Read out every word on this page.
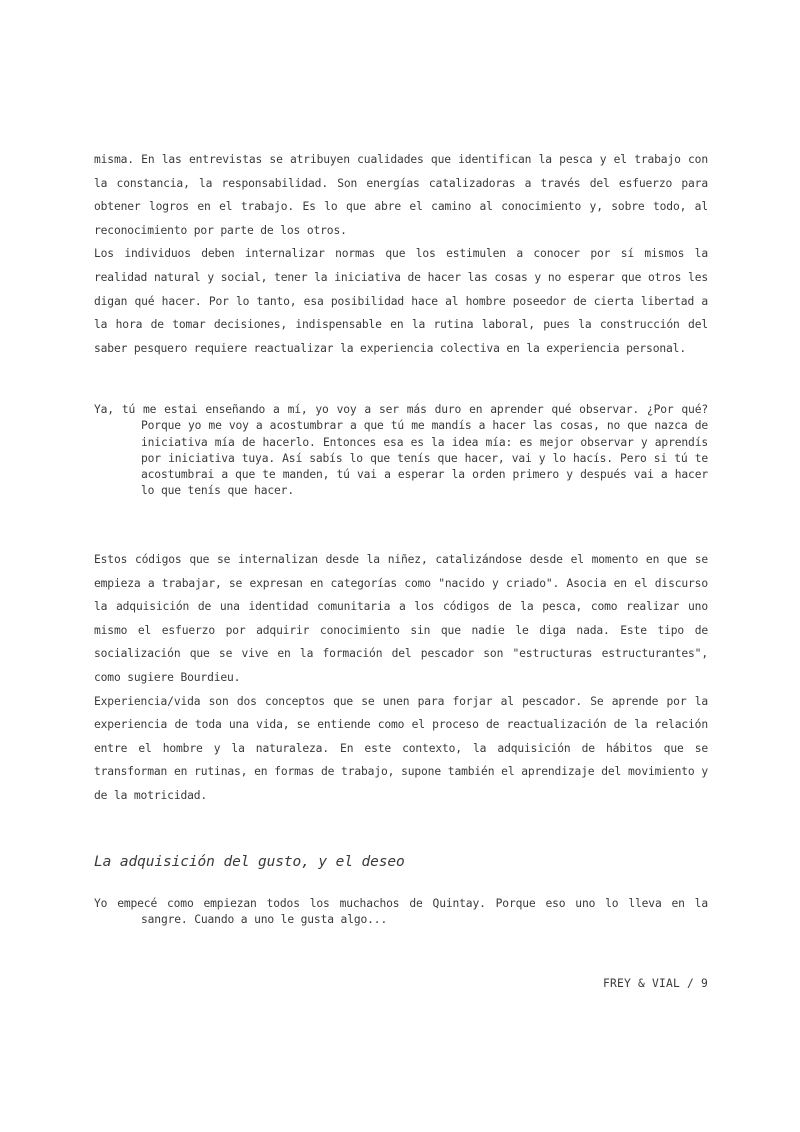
misma. En las entrevistas se atribuyen cualidades que identifican la pesca y el trabajo con la constancia, la responsabilidad. Son energías catalizadoras a través del esfuerzo para obtener logros en el trabajo. Es lo que abre el camino al conocimiento y, sobre todo, al reconocimiento por parte de los otros.

Los individuos deben internalizar normas que los estimulen a conocer por sí mismos la realidad natural y social, tener la iniciativa de hacer las cosas y no esperar que otros les digan qué hacer. Por lo tanto, esa posibilidad hace al hombre poseedor de cierta libertad a la hora de tomar decisiones, indispensable en la rutina laboral, pues la construcción del saber pesquero requiere reactualizar la experiencia colectiva en la experiencia personal.

Ya, tú me estai enseñando a mí, yo voy a ser más duro en aprender qué observar. ¿Por qué? Porque yo me voy a acostumbrar a que tú me mandís a hacer las cosas, no que nazca de iniciativa mía de hacerlo. Entonces esa es la idea mía: es mejor observar y aprendís por iniciativa tuya. Así sabís lo que tenís que hacer, vai y lo hacís. Pero si tú te acostumbrai a que te manden, tú vai a esperar la orden primero y después vai a hacer lo que tenís que hacer.

Estos códigos que se internalizan desde la niñez, catalizándose desde el momento en que se empieza a trabajar, se expresan en categorías como "nacido y criado". Asocia en el discurso la adquisición de una identidad comunitaria a los códigos de la pesca, como realizar uno mismo el esfuerzo por adquirir conocimiento sin que nadie le diga nada. Este tipo de socialización que se vive en la formación del pescador son "estructuras estructurantes", como sugiere Bourdieu.

Experiencia/vida son dos conceptos que se unen para forjar al pescador. Se aprende por la experiencia de toda una vida, se entiende como el proceso de reactualización de la relación entre el hombre y la naturaleza. En este contexto, la adquisición de hábitos que se transforman en rutinas, en formas de trabajo, supone también el aprendizaje del movimiento y de la motricidad.

La adquisición del gusto, y el deseo

Yo empecé como empiezan todos los muchachos de Quintay. Porque eso uno lo lleva en la sangre. Cuando a uno le gusta algo...

FREY & VIAL / 9
